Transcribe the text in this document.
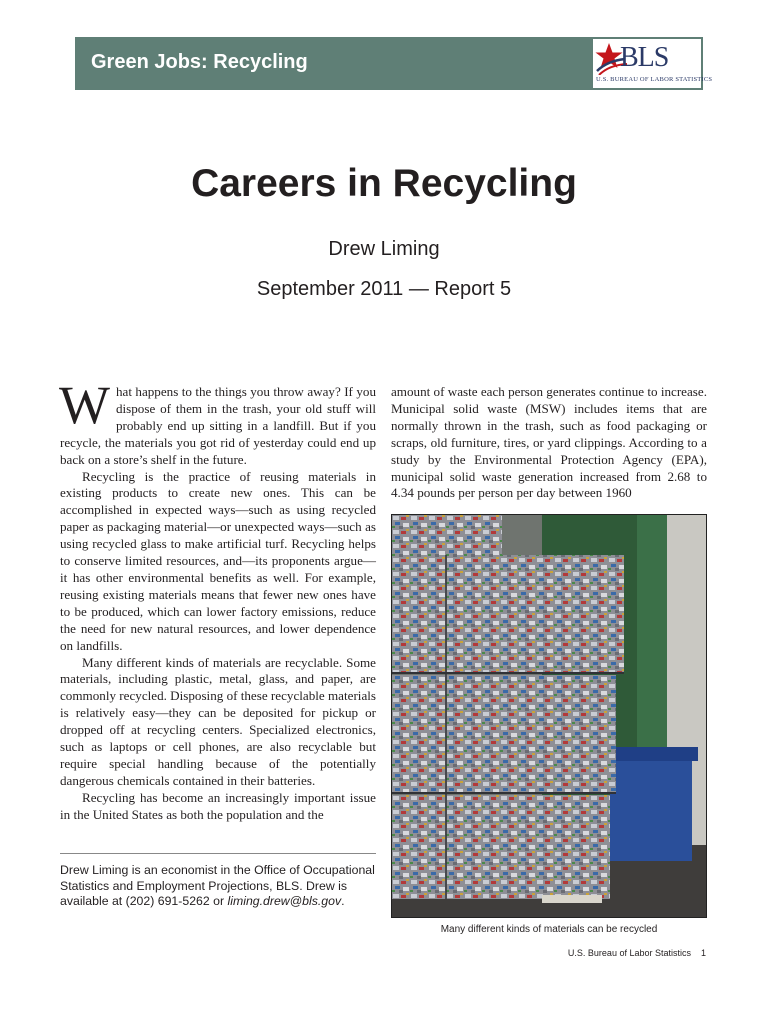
Green Jobs: Recycling	BLS
U.S. BUREAU OF LABOR STATISTICS
Careers in Recycling
Drew Liming
September 2011 — Report 5

What happens to the things you throw away? If you dispose of them in the trash, your old stuff will probably end up sitting in a landfill. But if you recycle, the materials you got rid of yesterday could end up back on a store’s shelf in the future.

Recycling is the practice of reusing materials in existing products to create new ones. This can be accomplished in expected ways—such as using recycled paper as packaging material—or unexpected ways—such as using recycled glass to make artificial turf. Recycling helps to conserve limited resources, and—its proponents argue—it has other environmental benefits as well. For example, reusing existing materials means that fewer new ones have to be produced, which can lower factory emissions, reduce the need for new natural resources, and lower dependence on landfills.

Many different kinds of materials are recyclable. Some materials, including plastic, metal, glass, and paper, are commonly recycled. Disposing of these recyclable materials is relatively easy—they can be deposited for pickup or dropped off at recycling centers. Specialized electronics, such as laptops or cell phones, are also recyclable but require special handling because of the potentially dangerous chemicals contained in their batteries.

Recycling has become an increasingly important issue in the United States as both the population and the

amount of waste each person generates continue to increase. Municipal solid waste (MSW) includes items that are normally thrown in the trash, such as food packaging or scraps, old furniture, tires, or yard clippings. According to a study by the Environmental Protection Agency (EPA), municipal solid waste generation increased from 2.68 to 4.34 pounds per person per day between 1960

Drew Liming is an economist in the Office of Occupational Statistics and Employment Projections, BLS. Drew is available at (202) 691-5262 or liming.drew@bls.gov.
Many different kinds of materials can be recycled
U.S. Bureau of Labor Statistics 1
